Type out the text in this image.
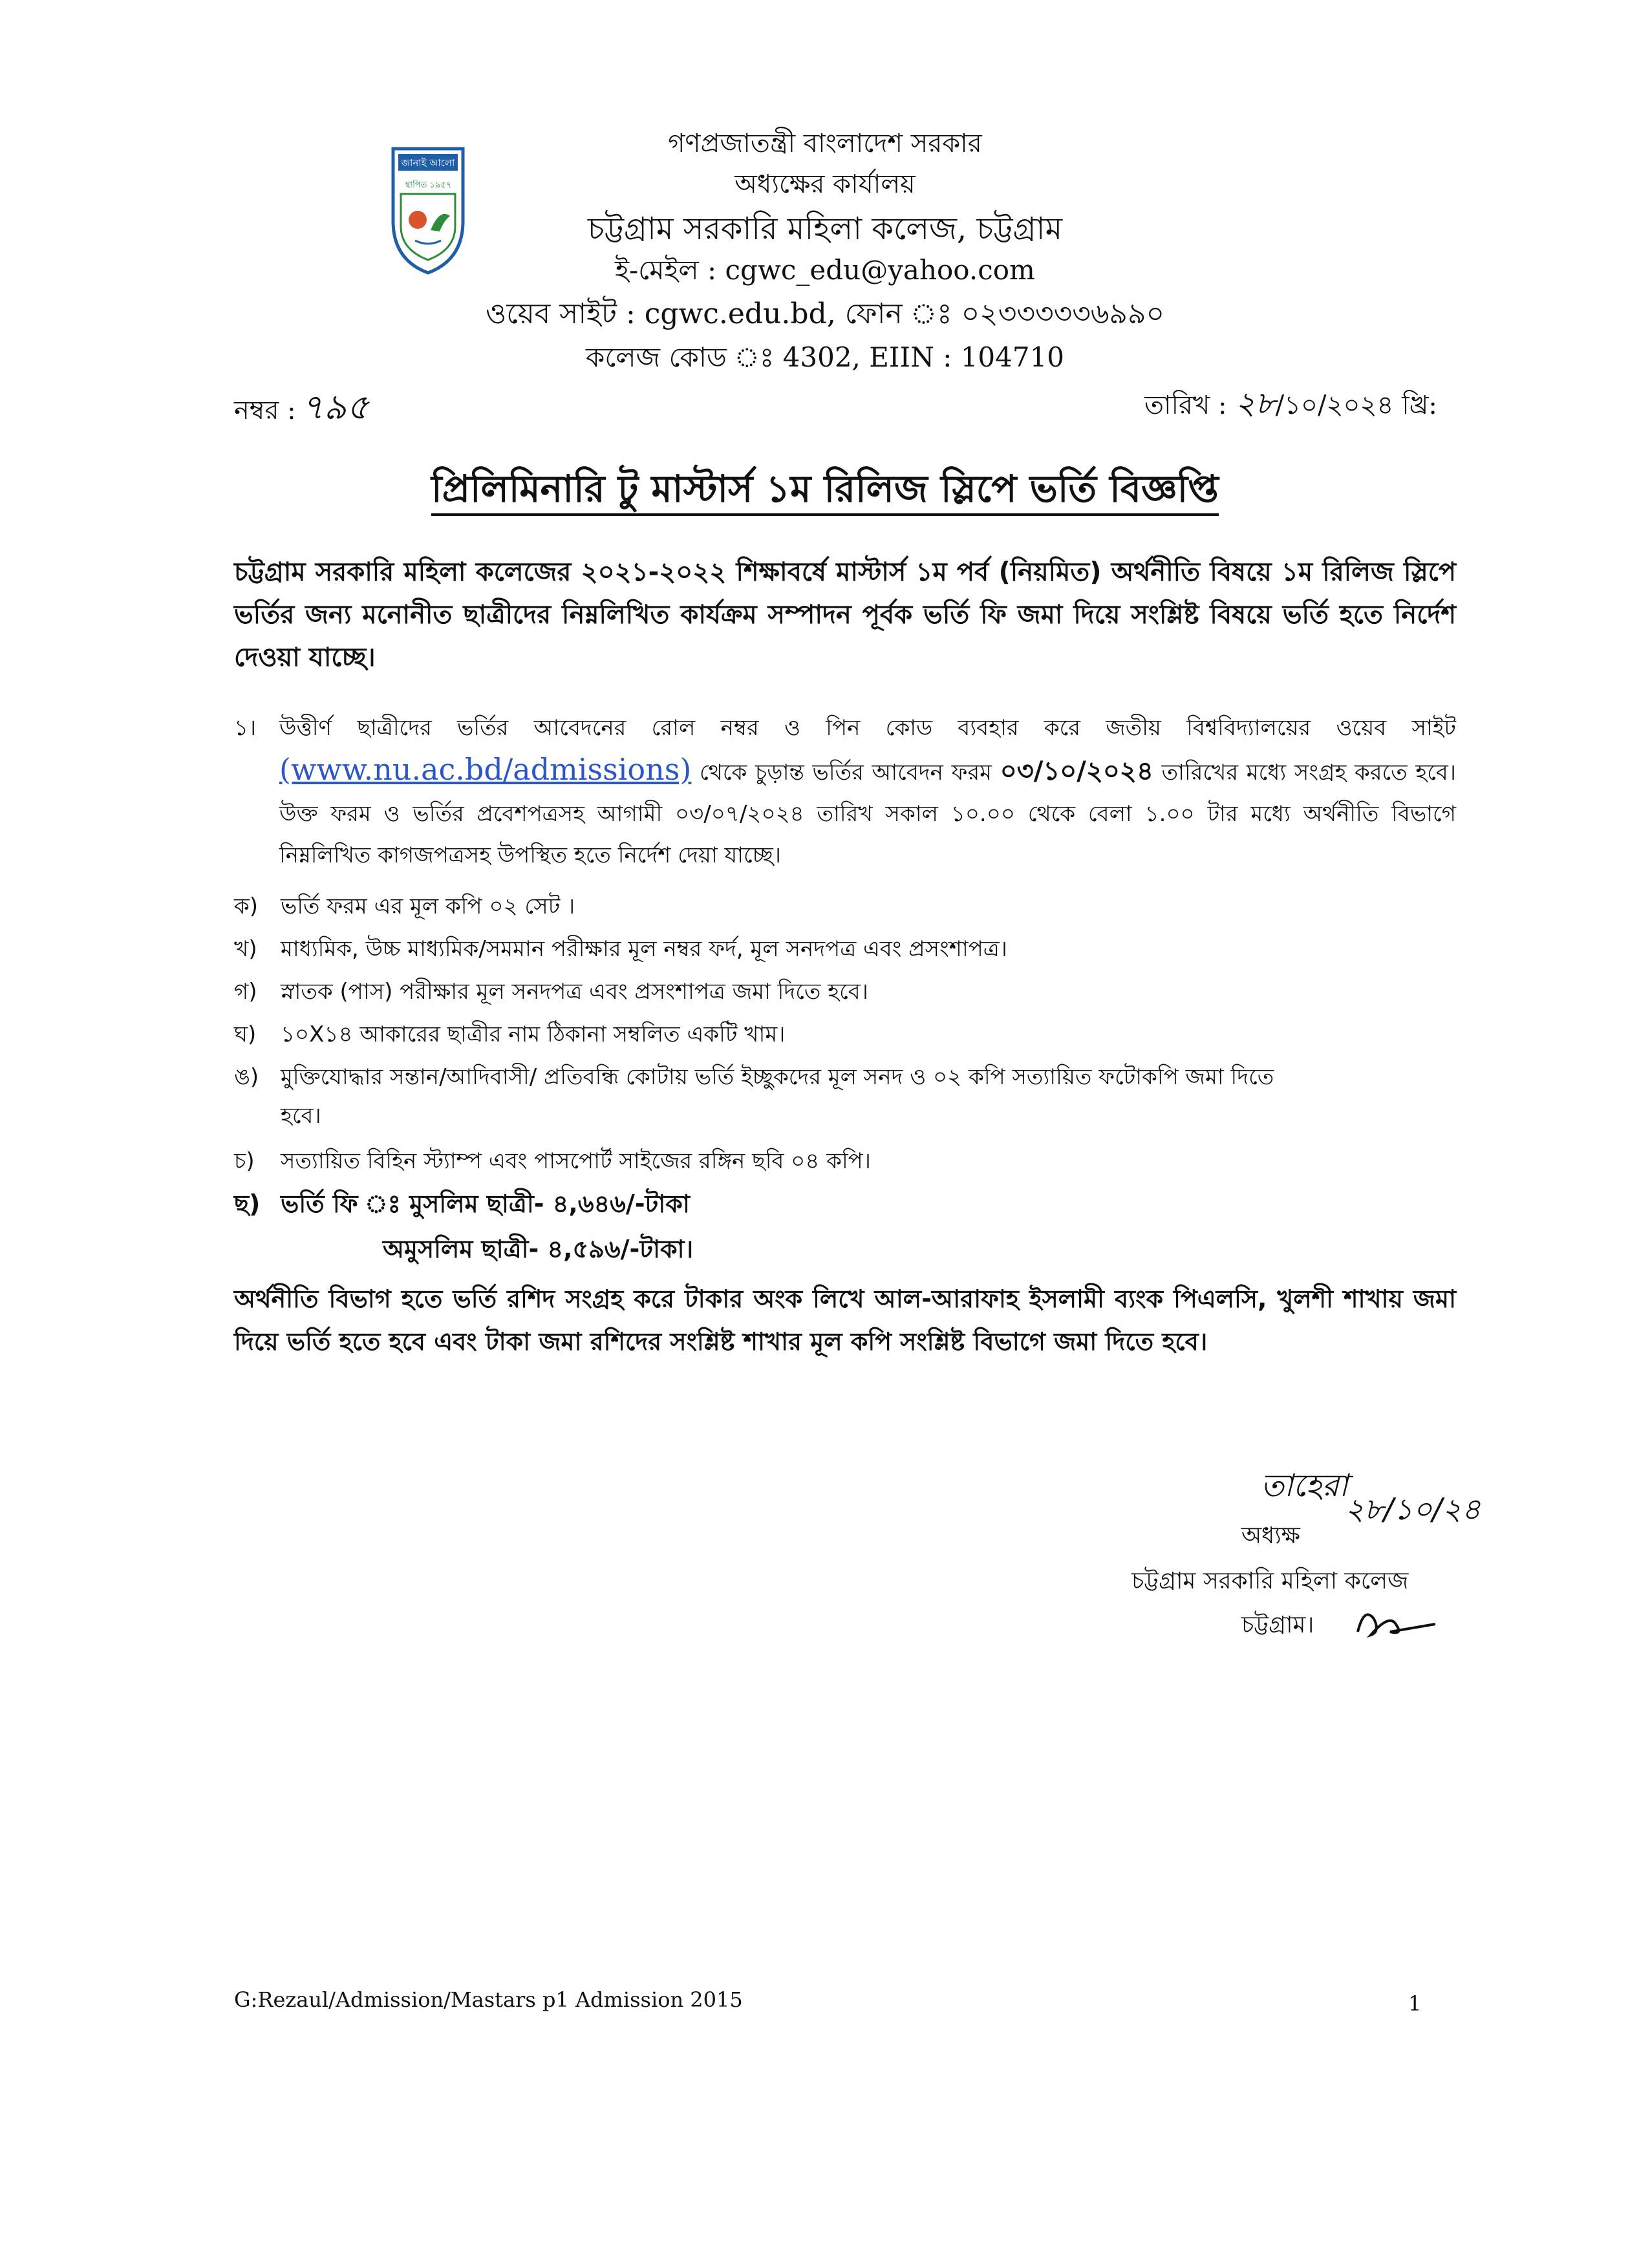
গণপ্রজাতন্ত্রী বাংলাদেশ সরকার
অধ্যক্ষের কার্যালয়
চট্টগ্রাম সরকারি মহিলা কলেজ, চট্টগ্রাম
ই-মেইল : cgwc_edu@yahoo.com
ওয়েব সাইট : cgwc.edu.bd, ফোন ঃ ০২৩৩৩৩৩৬৯৯০
কলেজ কোড ঃ 4302, EIIN : 104710
জানাই আলো
স্থাপিত ১৯৫৭
নম্বর : ৭৯৫	তারিখ : ২৮/১০/২০২৪ খ্রি:
প্রিলিমিনারি টু মাস্টার্স ১ম রিলিজ স্লিপে ভর্তি বিজ্ঞপ্তি
চট্টগ্রাম সরকারি মহিলা কলেজের ২০২১-২০২২ শিক্ষাবর্ষে মাস্টার্স ১ম পর্ব (নিয়মিত) অর্থনীতি বিষয়ে ১ম রিলিজ স্লিপে ভর্তির জন্য মনোনীত ছাত্রীদের নিম্নলিখিত কার্যক্রম সম্পাদন পূর্বক ভর্তি ফি জমা দিয়ে সংশ্লিষ্ট বিষয়ে ভর্তি হতে নির্দেশ দেওয়া যাচ্ছে।
১। উত্তীর্ণ ছাত্রীদের ভর্তির আবেদনের রোল নম্বর ও পিন কোড ব্যবহার করে জতীয় বিশ্ববিদ্যালয়ের ওয়েব সাইট (www.nu.ac.bd/admissions) থেকে চুড়ান্ত ভর্তির আবেদন ফরম ০৩/১০/২০২৪ তারিখের মধ্যে সংগ্রহ করতে হবে। উক্ত ফরম ও ভর্তির প্রবেশপত্রসহ আগামী ০৩/০৭/২০২৪ তারিখ সকাল ১০.০০ থেকে বেলা ১.০০ টার মধ্যে অর্থনীতি বিভাগে নিম্নলিখিত কাগজপত্রসহ উপস্থিত হতে নির্দেশ দেয়া যাচ্ছে।
ক) ভর্তি ফরম এর মূল কপি ০২ সেট ।
খ) মাধ্যমিক, উচ্চ মাধ্যমিক/সমমান পরীক্ষার মূল নম্বর ফর্দ, মূল সনদপত্র এবং প্রসংশাপত্র।
গ) স্নাতক (পাস) পরীক্ষার মূল সনদপত্র এবং প্রসংশাপত্র জমা দিতে হবে।
ঘ) ১০X১৪ আকারের ছাত্রীর নাম ঠিকানা সম্বলিত একটি খাম।
ঙ) মুক্তিযোদ্ধার সন্তান/আদিবাসী/ প্রতিবন্ধি কোটায় ভর্তি ইচ্ছুকদের মূল সনদ ও ০২ কপি সত্যায়িত ফটোকপি জমা দিতে
হবে।
চ) সত্যায়িত বিহিন স্ট্যাম্প এবং পাসপোর্ট সাইজের রঙ্গিন ছবি ০৪ কপি।
ছ) ভর্তি ফি ঃ মুসলিম ছাত্রী- ৪,৬৪৬/-টাকা
অমুসলিম ছাত্রী- ৪,৫৯৬/-টাকা।
অর্থনীতি বিভাগ হতে ভর্তি রশিদ সংগ্রহ করে টাকার অংক লিখে আল-আরাফাহ ইসলামী ব্যংক পিএলসি, খুলশী শাখায় জমা দিয়ে ভর্তি হতে হবে এবং টাকা জমা রশিদের সংশ্লিষ্ট শাখার মূল কপি সংশ্লিষ্ট বিভাগে জমা দিতে হবে।
তাহেরা
২৮/১০/২৪
অধ্যক্ষ
চট্টগ্রাম সরকারি মহিলা কলেজ
চট্টগ্রাম।
G:Rezaul/Admission/Mastars p1 Admission 2015	1
